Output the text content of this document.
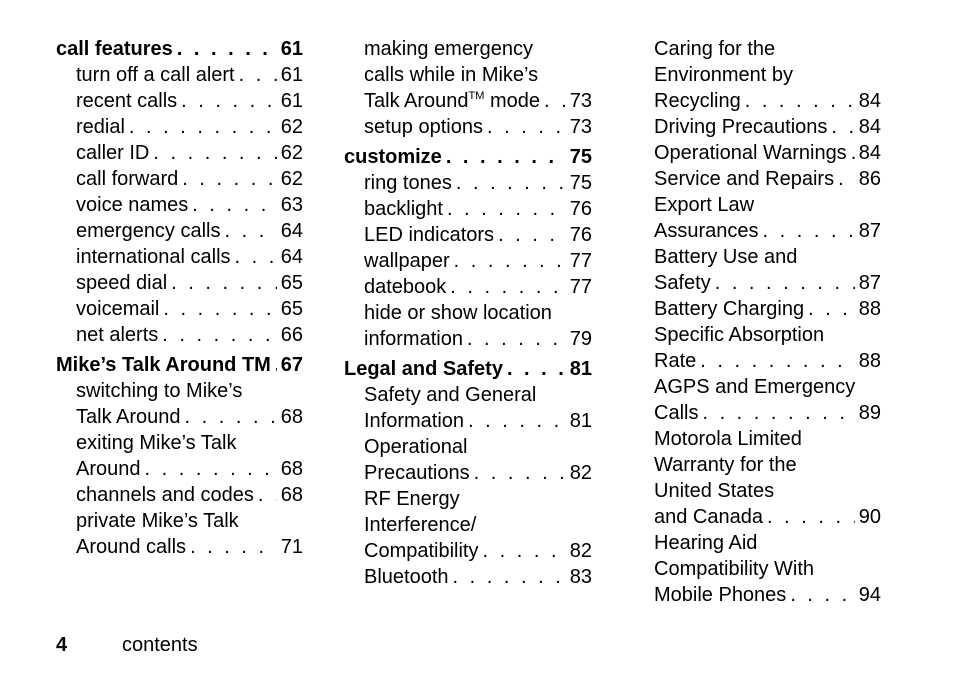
call features . . .	61
turn off a call alert . . . 61
recent calls . . .	61
redial . . .	62
caller ID . . .	62
call forward . . .	62
voice names . . .	63
emergency calls . . .	64
international calls . . .	64
speed dial . . .	65
voicemail . . .	65
net alerts . . .	66
Mike’s Talk Around TM . . . 67
switching to Mike’s
Talk Around . . .	68
exiting Mike’s Talk
Around . . .	68
channels and codes . . . 68
private Mike’s Talk
Around calls . . .	71
making emergency
calls while in Mike’s
Talk Around™ mode . . . 73
setup options . . .	73
customize . . .	75
ring tones . . .	75
backlight . . .	76
LED indicators . . .	76
wallpaper . . .	77
datebook . . .	77
hide or show location
information . . .	79
Legal and Safety . . .	81
Safety and General
Information . . .	81
Operational
Precautions . . .	82
RF Energy
Interference/
Compatibility . . .	82
Bluetooth . . .	83
Caring for the
Environment by
Recycling . . .	84
Driving Precautions . . . 84
Operational Warnings . . . 84
Service and Repairs . . . 86
Export Law
Assurances . . .	87
Battery Use and
Safety . . .	87
Battery Charging . . .	88
Specific Absorption
Rate . . .	88
AGPS and Emergency
Calls . . .	89
Motorola Limited
Warranty for the
United States
and Canada . . .	90
Hearing Aid
Compatibility With
Mobile Phones . . .	94
4	contents
